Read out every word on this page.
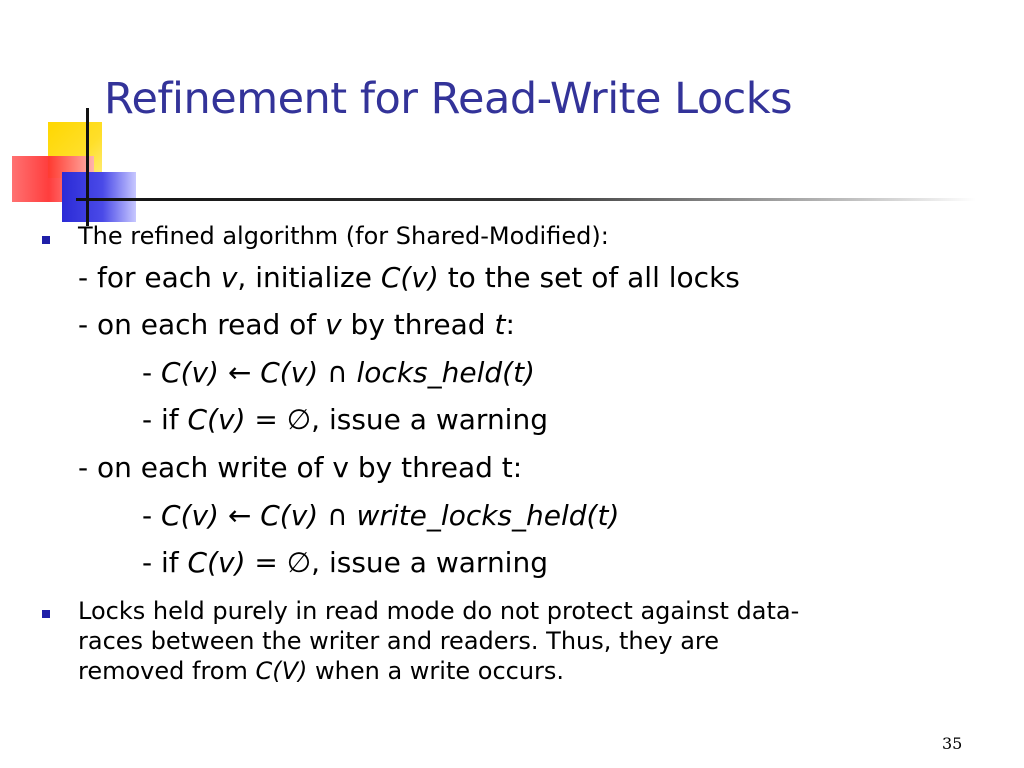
Refinement for Read-Write Locks
The refined algorithm (for Shared-Modified):
- for each v, initialize C(v) to the set of all locks
- on each read of v by thread t:
- C(v) ← C(v) ∩ locks_held(t)
- if C(v) = ∅, issue a warning
- on each write of v by thread t:
- C(v) ← C(v) ∩ write_locks_held(t)
- if C(v) = ∅, issue a warning
Locks held purely in read mode do not protect against data-
races between the writer and readers. Thus, they are
removed from C(V) when a write occurs.
35
